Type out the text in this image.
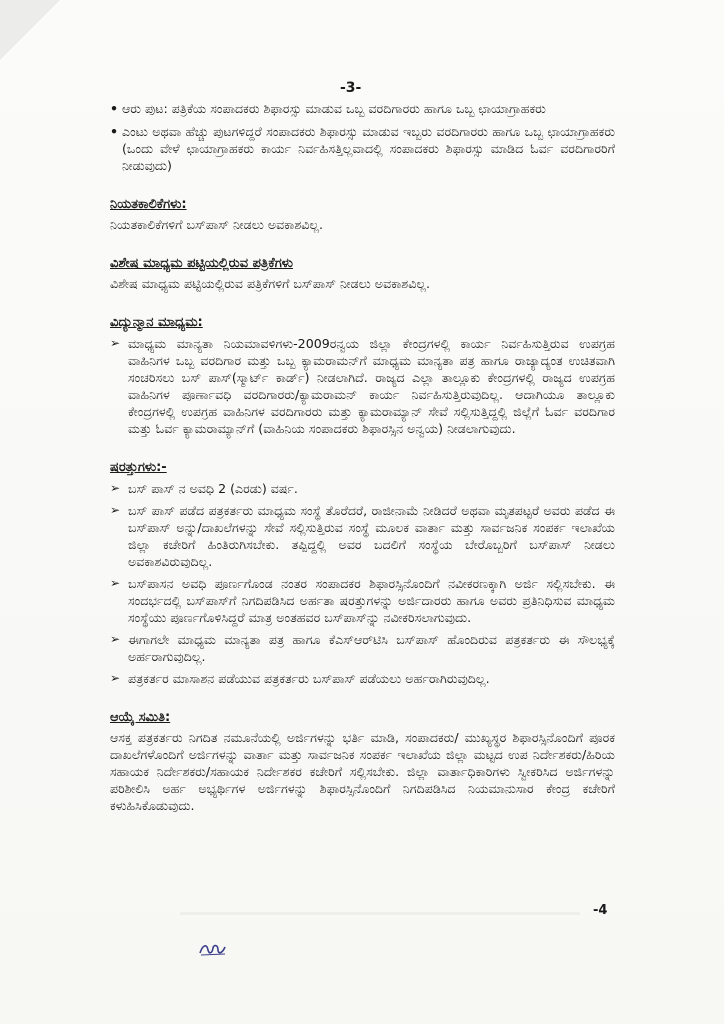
-3-
• ಆರು ಪುಟ: ಪತ್ರಿಕೆಯ ಸಂಪಾದಕರು ಶಿಫಾರಸ್ಸು ಮಾಡುವ ಒಬ್ಬ ವರದಿಗಾರರು ಹಾಗೂ ಒಬ್ಬ ಛಾಯಾಗ್ರಾಹಕರು

• ಎಂಟು ಅಥವಾ ಹೆಚ್ಚು ಪುಟಗಳಿದ್ದರೆ ಸಂಪಾದಕರು ಶಿಫಾರಸ್ಸು ಮಾಡುವ ಇಬ್ಬರು ವರದಿಗಾರರು ಹಾಗೂ ಒಬ್ಬ ಛಾಯಾಗ್ರಾಹಕರು (ಒಂದು ವೇಳೆ ಛಾಯಾಗ್ರಾಹಕರು ಕಾರ್ಯ ನಿರ್ವಹಿಸತ್ತಿಲ್ಲವಾದಲ್ಲಿ ಸಂಪಾದಕರು ಶಿಫಾರಸ್ಸು ಮಾಡಿದ ಓರ್ವ ವರದಿಗಾರರಿಗೆ ನೀಡುವುದು)

ನಿಯತಕಾಲಿಕೆಗಳು:

ನಿಯತಕಾಲಿಕೆಗಳಿಗೆ ಬಸ್‌ಪಾಸ್ ನೀಡಲು ಅವಕಾಶವಿಲ್ಲ.

ವಿಶೇಷ ಮಾಧ್ಯಮ ಪಟ್ಟಿಯಲ್ಲಿರುವ ಪತ್ರಿಕೆಗಳು

ವಿಶೇಷ ಮಾಧ್ಯಮ ಪಟ್ಟಿಯಲ್ಲಿರುವ ಪತ್ರಿಕೆಗಳಿಗೆ ಬಸ್‌ಪಾಸ್ ನೀಡಲು ಅವಕಾಶವಿಲ್ಲ.

ವಿದ್ಯುನ್ಮಾನ ಮಾಧ್ಯಮ:
➢ ಮಾಧ್ಯಮ ಮಾನ್ಯತಾ ನಿಯಮಾವಳಿಗಳು-2009ರನ್ವಯ ಜಿಲ್ಲಾ ಕೇಂದ್ರಗಳಲ್ಲಿ ಕಾರ್ಯ ನಿರ್ವಹಿಸುತ್ತಿರುವ ಉಪಗ್ರಹ ವಾಹಿನಿಗಳ ಒಬ್ಬ ವರದಿಗಾರ ಮತ್ತು ಒಬ್ಬ ಕ್ಯಾಮರಾಮನ್‌ಗೆ ಮಾಧ್ಯಮ ಮಾನ್ಯತಾ ಪತ್ರ ಹಾಗೂ ರಾಜ್ಯಾದ್ಯಂತ ಉಚಿತವಾಗಿ ಸಂಚರಿಸಲು ಬಸ್ ಪಾಸ್(ಸ್ಮಾರ್ಟ್ ಕಾರ್ಡ್) ನೀಡಲಾಗಿದೆ. ರಾಜ್ಯದ ಎಲ್ಲಾ ತಾಲ್ಲೂಕು ಕೇಂದ್ರಗಳಲ್ಲಿ ರಾಜ್ಯದ ಉಪಗ್ರಹ ವಾಹಿನಿಗಳ ಪೂರ್ಣಾವಧಿ ವರದಿಗಾರರು/ಕ್ಯಾಮರಾಮನ್ ಕಾರ್ಯ ನಿರ್ವಹಿಸುತ್ತಿರುವುದಿಲ್ಲ. ಆದಾಗಿಯೂ ತಾಲ್ಲೂಕು ಕೇಂದ್ರಗಳಲ್ಲಿ ಉಪಗ್ರಹ ವಾಹಿನಿಗಳ ವರದಿಗಾರರು ಮತ್ತು ಕ್ಯಾಮರಾಮ್ಯಾನ್ ಸೇವೆ ಸಲ್ಲಿಸುತ್ತಿದ್ದಲ್ಲಿ ಜಿಲ್ಲೆಗೆ ಓರ್ವ ವರದಿಗಾರ ಮತ್ತು ಓರ್ವ ಕ್ಯಾಮರಾಮ್ಯಾನ್‌ಗೆ (ವಾಹಿನಿಯ ಸಂಪಾದಕರು ಶಿಫಾರಸ್ಸಿನ ಅನ್ವಯ) ನೀಡಲಾಗುವುದು.
ಷರತ್ತುಗಳು:-
➢ ಬಸ್ ಪಾಸ್ ನ ಅವಧಿ 2 (ಎರಡು) ವರ್ಷ.
➢ ಬಸ್ ಪಾಸ್ ಪಡೆದ ಪತ್ರಕರ್ತರು ಮಾಧ್ಯಮ ಸಂಸ್ಥೆ ತೊರೆದರೆ, ರಾಜೀನಾಮೆ ನೀಡಿದರೆ ಅಥವಾ ಮೃತಪಟ್ಟರೆ ಅವರು ಪಡೆದ ಈ ಬಸ್‌ಪಾಸ್ ಅನ್ನು/ದಾಖಲೆಗಳನ್ನು ಸೇವೆ ಸಲ್ಲಿಸುತ್ತಿರುವ ಸಂಸ್ಥೆ ಮೂಲಕ ವಾರ್ತಾ ಮತ್ತು ಸಾರ್ವಜನಿಕ ಸಂಪರ್ಕ ಇಲಾಖೆಯ ಜಿಲ್ಲಾ ಕಚೇರಿಗೆ ಹಿಂತಿರುಗಿಸಬೇಕು. ತಪ್ಪಿದ್ದಲ್ಲಿ ಅವರ ಬದಲಿಗೆ ಸಂಸ್ಥೆಯ ಬೇರೊಬ್ಬರಿಗೆ ಬಸ್‌ಪಾಸ್ ನೀಡಲು ಅವಕಾಶವಿರುವುದಿಲ್ಲ.
➢ ಬಸ್‌ಪಾಸನ ಅವಧಿ ಪೂರ್ಣಗೊಂಡ ನಂತರ ಸಂಪಾದಕರ ಶಿಫಾರಸ್ಸಿನೊಂದಿಗೆ ನವೀಕರಣಕ್ಕಾಗಿ ಅರ್ಜಿ ಸಲ್ಲಿಸಬೇಕು. ಈ ಸಂದರ್ಭದಲ್ಲಿ ಬಸ್‌ಪಾಸ್‌ಗೆ ನಿಗದಿಪಡಿಸಿದ ಅರ್ಹತಾ ಷರತ್ತುಗಳನ್ನು ಅರ್ಜಿದಾರರು ಹಾಗೂ ಅವರು ಪ್ರತಿನಿಧಿಸುವ ಮಾಧ್ಯಮ ಸಂಸ್ಥೆಯು ಪೂರ್ಣಗೊಳಿಸಿದ್ದರೆ ಮಾತ್ರ ಅಂತಹವರ ಬಸ್‌ಪಾಸ್‌ನ್ನು ನವೀಕರಿಸಲಾಗುವುದು.
➢ ಈಗಾಗಲೇ ಮಾಧ್ಯಮ ಮಾನ್ಯತಾ ಪತ್ರ ಹಾಗೂ ಕೆಎಸ್‌ಆರ್‌ಟಿಸಿ ಬಸ್‌ಪಾಸ್ ಹೊಂದಿರುವ ಪತ್ರಕರ್ತರು ಈ ಸೌಲಭ್ಯಕ್ಕೆ ಅರ್ಹರಾಗುವುದಿಲ್ಲ.
➢ ಪತ್ರಕರ್ತರ ಮಾಸಾಶನ ಪಡೆಯುವ ಪತ್ರಕರ್ತರು ಬಸ್‌ಪಾಸ್ ಪಡೆಯಲು ಅರ್ಹರಾಗಿರುವುದಿಲ್ಲ.
ಆಯ್ಕೆ ಸಮಿತಿ:

ಆಸಕ್ತ ಪತ್ರಕರ್ತರು ನಿಗದಿತ ನಮೂನೆಯಲ್ಲಿ ಅರ್ಜಿಗಳನ್ನು ಭರ್ತಿ ಮಾಡಿ, ಸಂಪಾದಕರು/ ಮುಖ್ಯಸ್ಥರ ಶಿಫಾರಸ್ಸಿನೊಂದಿಗೆ ಪೂರಕ ದಾಖಲೆಗಳೊಂದಿಗೆ ಅರ್ಜಿಗಳನ್ನು ವಾರ್ತಾ ಮತ್ತು ಸಾರ್ವಜನಿಕ ಸಂಪರ್ಕ ಇಲಾಖೆಯ ಜಿಲ್ಲಾ ಮಟ್ಟದ ಉಪ ನಿರ್ದೇಶಕರು/ಹಿರಿಯ ಸಹಾಯಕ ನಿರ್ದೇಶಕರು/ಸಹಾಯಕ ನಿರ್ದೇಶಕರ ಕಚೇರಿಗೆ ಸಲ್ಲಿಸಬೇಕು. ಜಿಲ್ಲಾ ವಾರ್ತಾಧಿಕಾರಿಗಳು ಸ್ವೀಕರಿಸಿದ ಅರ್ಜಿಗಳನ್ನು ಪರಿಶೀಲಿಸಿ ಅರ್ಹ ಅಭ್ಯರ್ಥಿಗಳ ಅರ್ಜಿಗಳನ್ನು ಶಿಫಾರಸ್ಸಿನೊಂದಿಗೆ ನಿಗದಿಪಡಿಸಿದ ನಿಯಮಾನುಸಾರ ಕೇಂದ್ರ ಕಚೇರಿಗೆ ಕಳುಹಿಸಿಕೊಡುವುದು.

-4
